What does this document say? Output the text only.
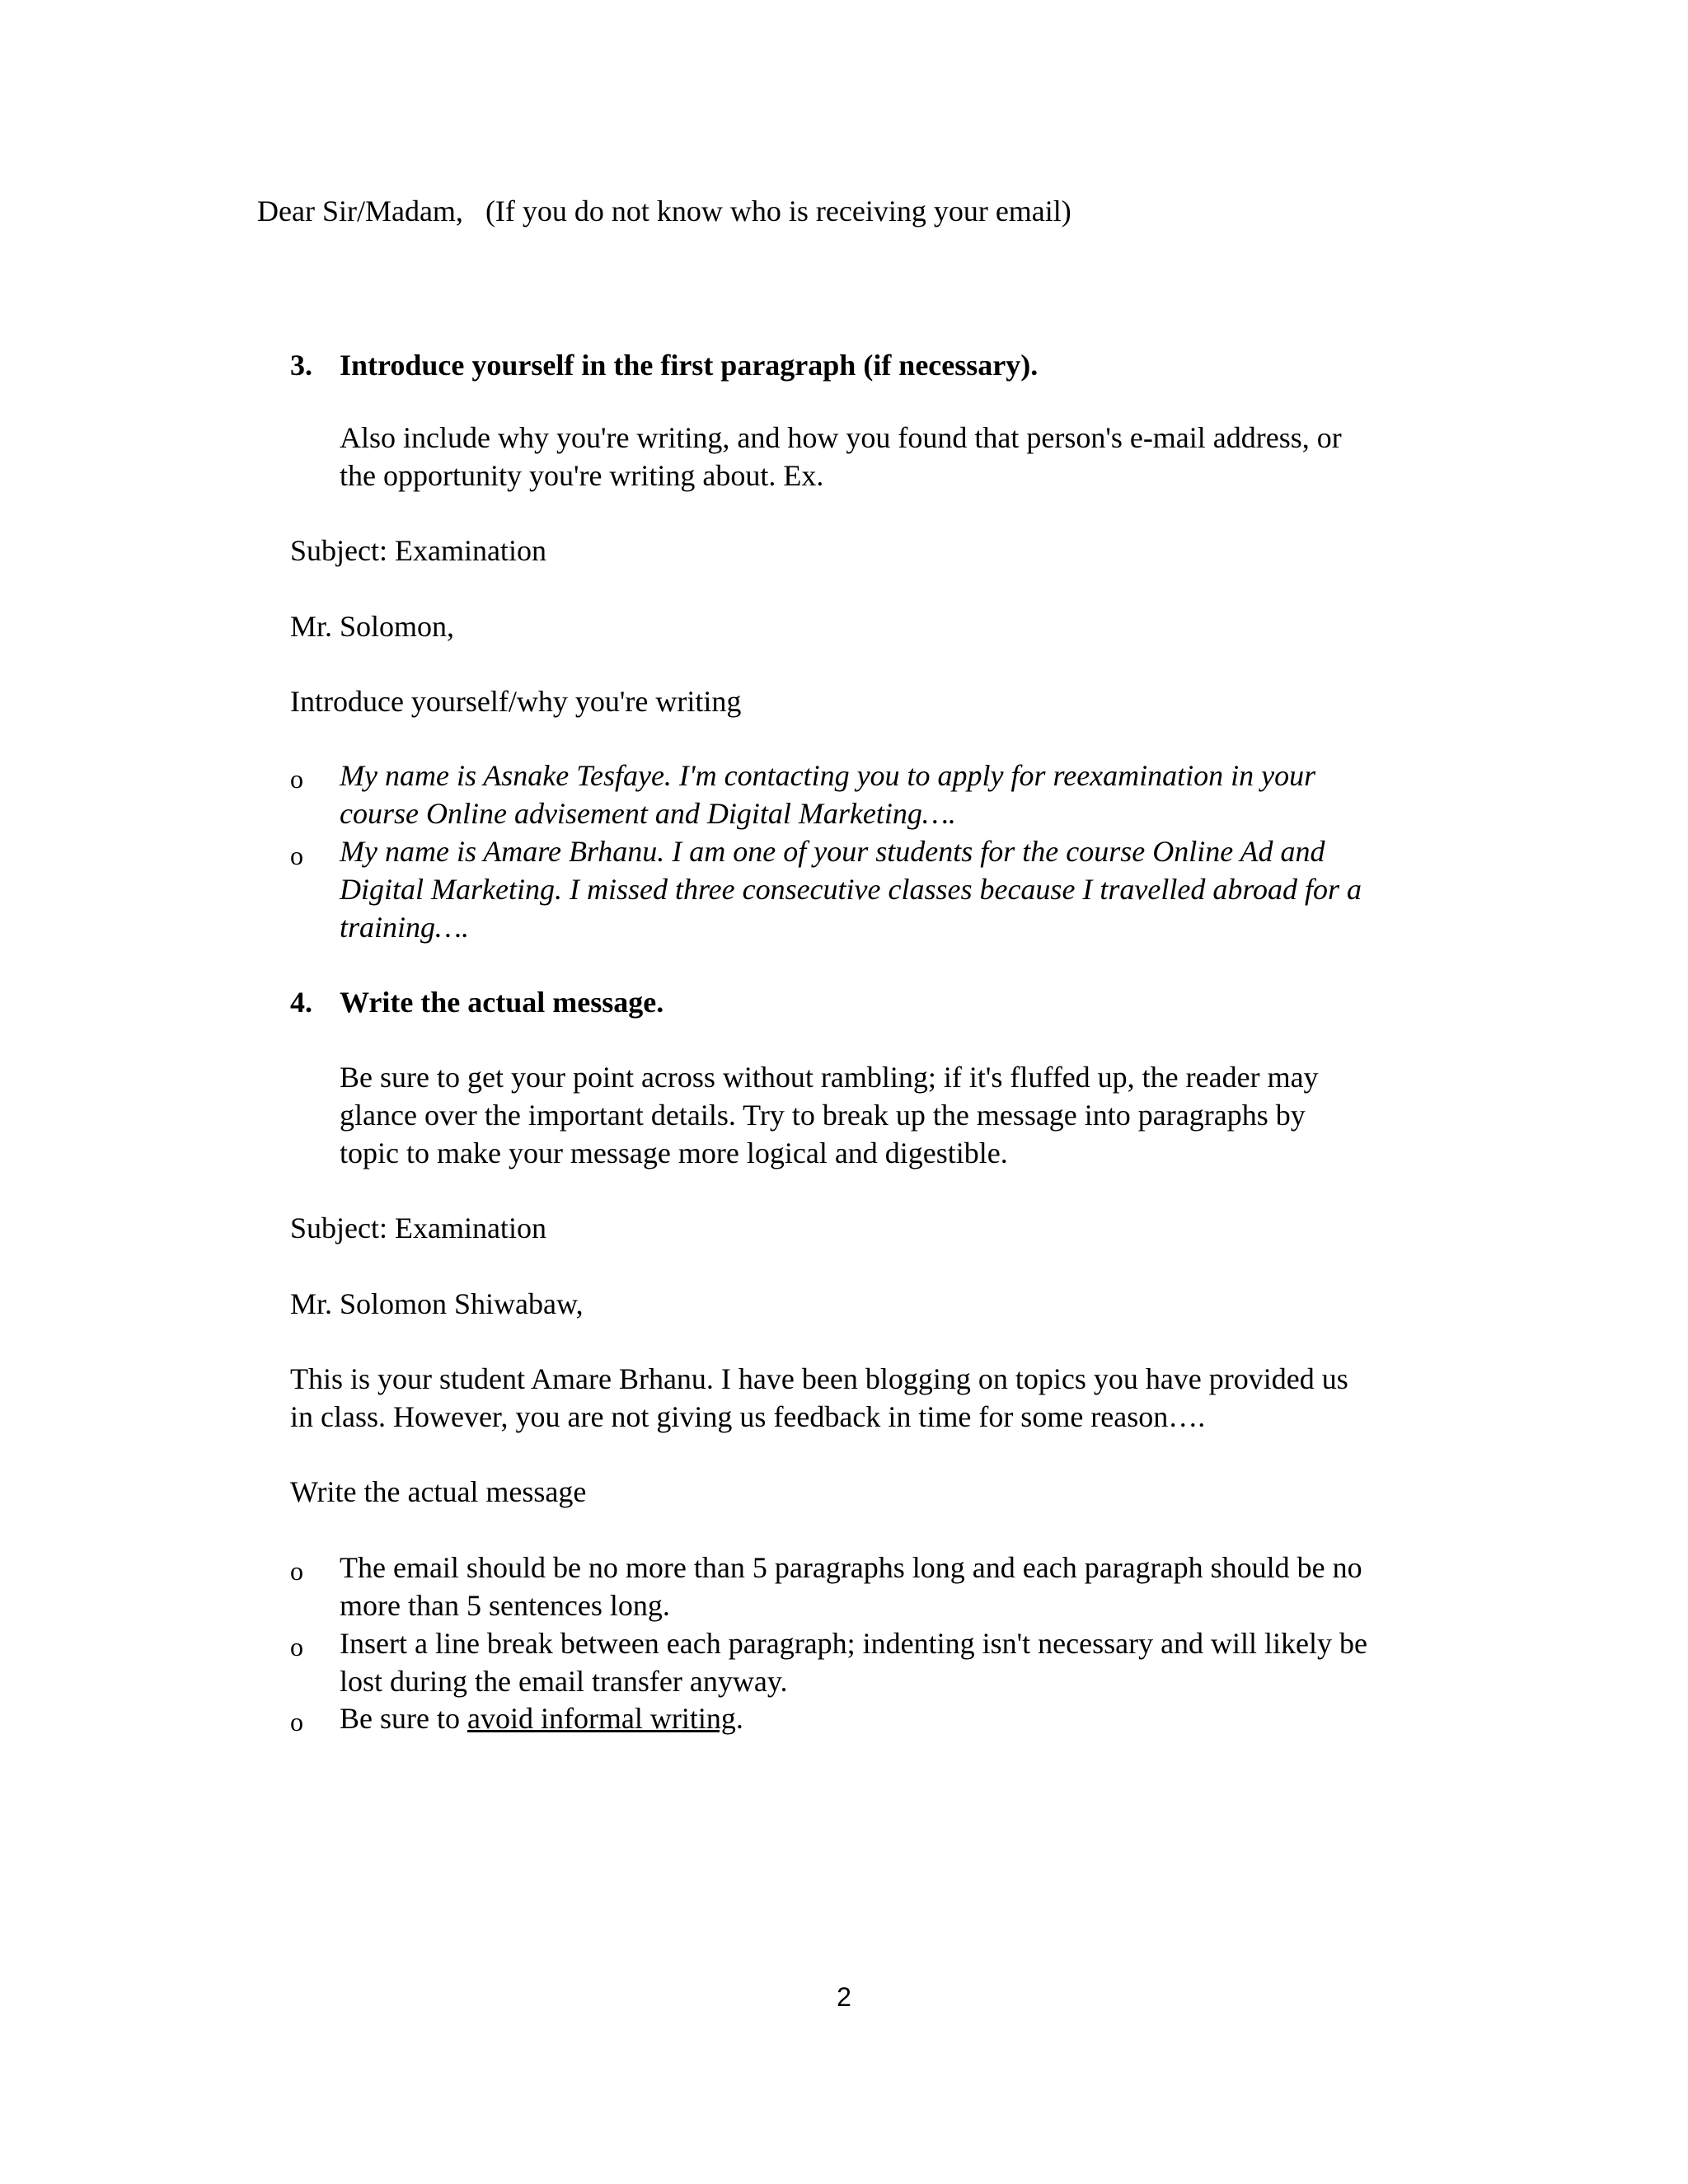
Dear Sir/Madam, (If you do not know who is receiving your email)

3. Introduce yourself in the first paragraph (if necessary).

Also include why you're writing, and how you found that person's e-mail address, or

the opportunity you're writing about. Ex.

Subject: Examination

Mr. Solomon,

Introduce yourself/why you're writing

o My name is Asnake Tesfaye. I'm contacting you to apply for reexamination in your

course Online advisement and Digital Marketing….

o My name is Amare Brhanu. I am one of your students for the course Online Ad and

Digital Marketing. I missed three consecutive classes because I travelled abroad for a

training….

4. Write the actual message.

Be sure to get your point across without rambling; if it's fluffed up, the reader may

glance over the important details. Try to break up the message into paragraphs by

topic to make your message more logical and digestible.

Subject: Examination

Mr. Solomon Shiwabaw,

This is your student Amare Brhanu. I have been blogging on topics you have provided us

in class. However, you are not giving us feedback in time for some reason….

Write the actual message

o The email should be no more than 5 paragraphs long and each paragraph should be no

more than 5 sentences long.

o Insert a line break between each paragraph; indenting isn't necessary and will likely be

lost during the email transfer anyway.

o Be sure to avoid informal writing.

2
